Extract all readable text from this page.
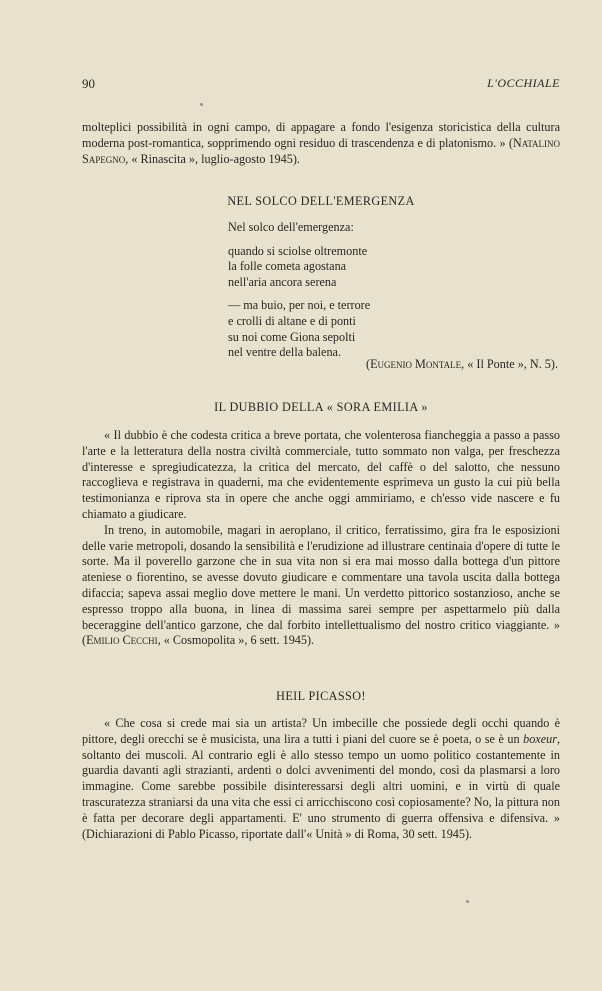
90	L'OCCHIALE

molteplici possibilità in ogni campo, di appagare a fondo l'esigenza storicistica della cultura moderna post-romantica, sopprimendo ogni residuo di trascendenza e di platonismo. » (Natalino Sapegno, « Rinascita », luglio-agosto 1945).

NEL SOLCO DELL'EMERGENZA

Nel solco dell'emergenza:

quando si sciolse oltremonte
la folle cometa agostana
nell'aria ancora serena

— ma buio, per noi, e terrore
e crolli di altane e di ponti
su noi come Giona sepolti
nel ventre della balena.

(Eugenio Montale, « Il Ponte », N. 5).
IL DUBBIO DELLA « SORA EMILIA »

« Il dubbio è che codesta critica a breve portata, che volenterosa fiancheggia a passo a passo l'arte e la letteratura della nostra civiltà commerciale, tutto sommato non valga, per freschezza d'interesse e spregiudicatezza, la critica del mercato, del caffè o del salotto, che nessuno raccoglieva e registrava in quaderni, ma che evidentemente esprimeva un gusto la cui più bella testimonianza e riprova sta in opere che anche oggi ammiriamo, e ch'esso vide nascere e fu chiamato a giudicare.

In treno, in automobile, magari in aeroplano, il critico, ferratissimo, gira fra le esposizioni delle varie metropoli, dosando la sensibilità e l'erudizione ad illustrare centinaia d'opere di tutte le sorte. Ma il poverello garzone che in sua vita non si era mai mosso dalla bottega d'un pittore ateniese o fiorentino, se avesse dovuto giudicare e commentare una tavola uscita dalla bottega difaccia; sapeva assai meglio dove mettere le mani. Un verdetto pittorico sostanzioso, anche se espresso troppo alla buona, in linea di massima sarei sempre per aspettarmelo più dalla beceraggine dell'antico garzone, che dal forbito intellettualismo del nostro critico viaggiante. » (Emilio Cecchi, « Cosmopolita », 6 sett. 1945).

HEIL PICASSO!

« Che cosa si crede mai sia un artista? Un imbecille che possiede degli occhi quando è pittore, degli orecchi se è musicista, una lira a tutti i piani del cuore se è poeta, o se è un boxeur, soltanto dei muscoli. Al contrario egli è allo stesso tempo un uomo politico costantemente in guardia davanti agli strazianti, ardenti o dolci avvenimenti del mondo, così da plasmarsi a loro immagine. Come sarebbe possibile disinteressarsi degli altri uomini, e in virtù di quale trascuratezza straniarsi da una vita che essi ci arricchiscono così copiosamente? No, la pittura non è fatta per decorare degli appartamenti. E' uno strumento di guerra offensiva e difensiva. » (Dichiarazioni di Pablo Picasso, riportate dall'« Unità » di Roma, 30 sett. 1945).
